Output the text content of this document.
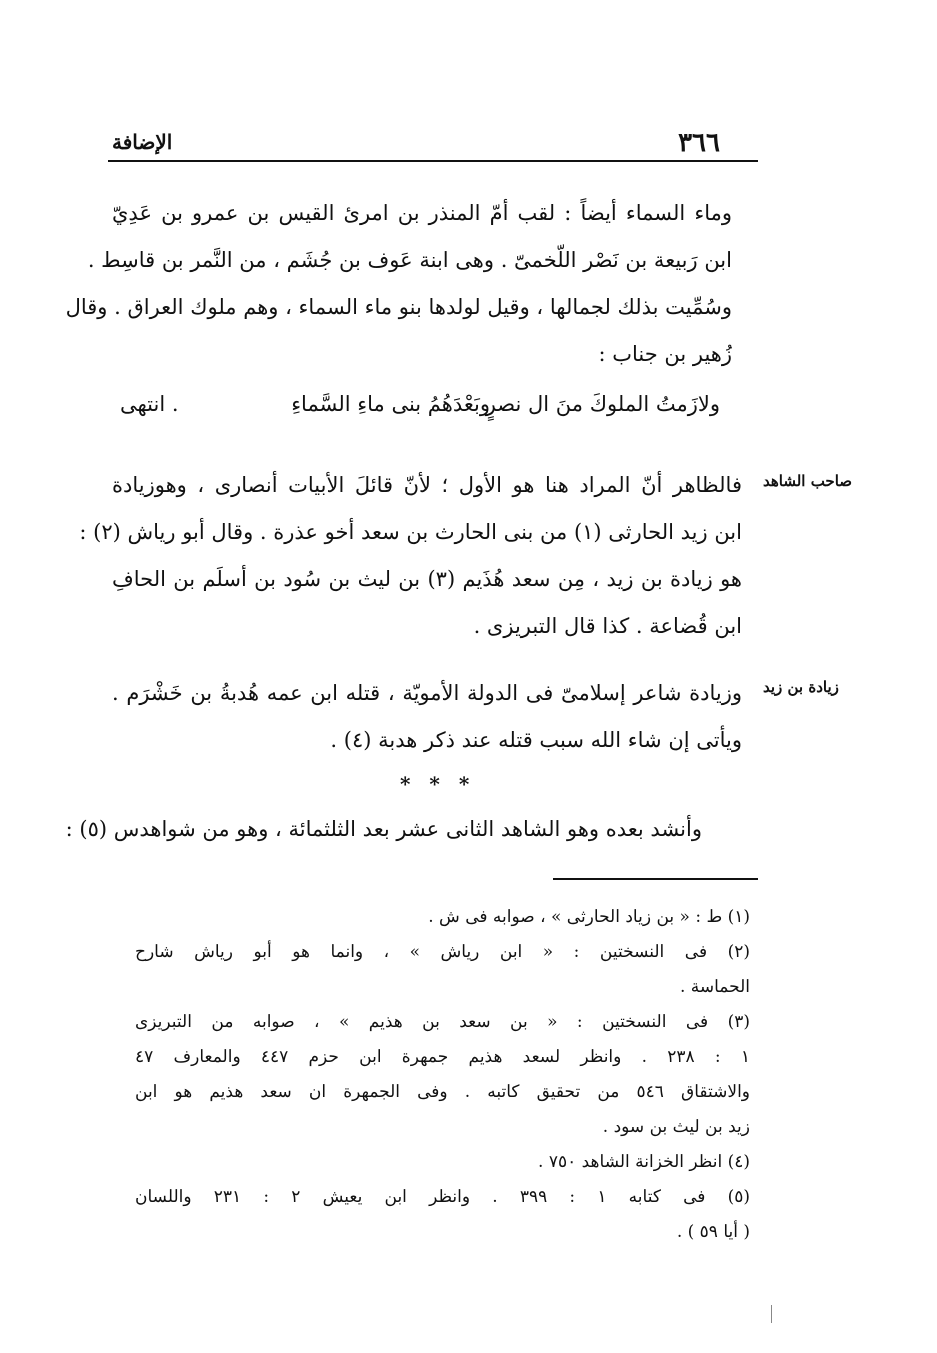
٣٦٦
الإضافة
وماء السماء أيضاً : لقب أمّ المنذر بن امرئ القيس بن عمرو بن عَدِيّ
ابن رَبيعة بن نَصْر اللّخمىّ . وهى ابنة عَوف بن جُشَم ، من النَّمر بن قاسِط .
وسُمِّيت بذلك لجمالها ، وقيل لولدها بنو ماء السماء ، وهم ملوك العراق . وقال
زُهير بن جناب :
ولازَمتُ الملوكَ منَ ال نصرٍ
وبَعْدَهُمُ بنى ماءِ السَّماءِ
. انتهى
صاحب الشاهد
فالظاهر أنّ المراد هنا هو الأول ؛ لأنّ قائلَ الأبيات أنصارى ، وهوزيادة
ابن زيد الحارثى (١) من بنى الحارث بن سعد أخو عذرة . وقال أبو رياش (٢) :
هو زيادة بن زيد ، مِن سعد هُذَيم (٣) بن ليث بن سُود بن أسلَم بن الحافِ
ابن قُضاعة . كذا قال التبريزى .
زيادة بن زيد
وزيادة شاعر إسلامىّ فى الدولة الأمويّة ، قتله ابن عمه هُدبةُ بن خَشْرَم .
ويأتى إن شاء الله سبب قتله عند ذكر هدبة (٤) .
* * *
وأنشد بعده وهو الشاهد الثانى عشر بعد الثلثمائة ، وهو من شواهدس (٥) :
(١) ط : « بن زياد الحارثى » ، صوابه فى ش .
(٢) فى النسختين : « ابن رياش » ، وانما هو أبو رياش شارح
الحماسة .
(٣) فى النسختين : « بن سعد بن هذيم » ، صوابه من التبريزى
١ : ٢٣٨ . وانظر لسعد هذيم جمهرة ابن حزم ٤٤٧ والمعارف ٤٧
والاشتقاق ٥٤٦ من تحقيق كاتبه . وفى الجمهرة ان سعد هذيم هو ابن
زيد بن ليث بن سود .
(٤) انظر الخزانة الشاهد ٧٥٠ .
(٥) فى كتابه ١ : ٣٩٩ . وانظر ابن يعيش ٢ : ٢٣١ واللسان
( أيا ٥٩ ) .
